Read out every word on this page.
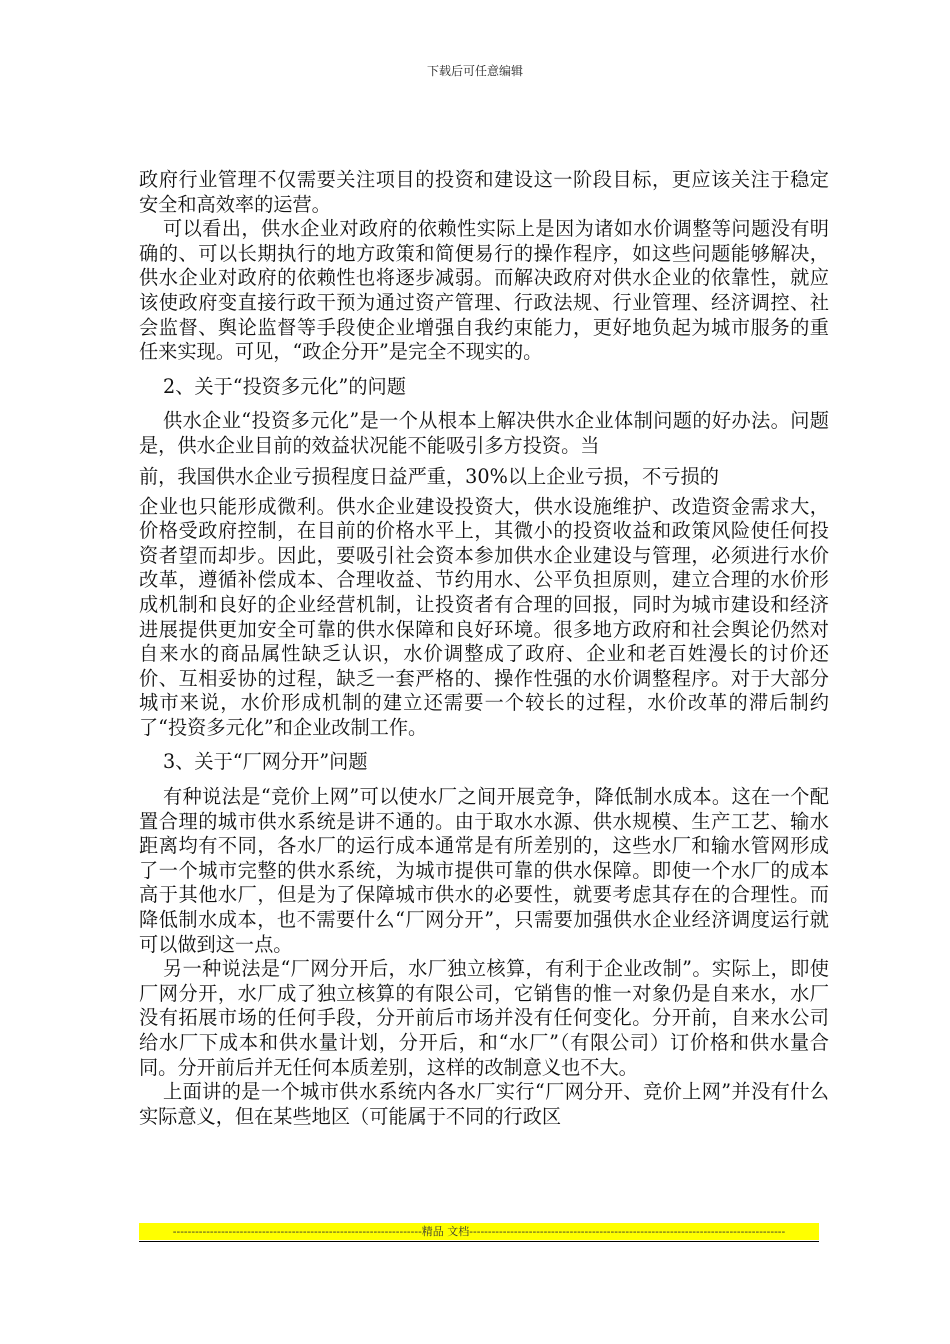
下载后可任意编辑

政府行业管理不仅需要关注项目的投资和建设这一阶段目标，更应该关注于稳定安全和高效率的运营。

可以看出，供水企业对政府的依赖性实际上是因为诸如水价调整等问题没有明确的、可以长期执行的地方政策和简便易行的操作程序，如这些问题能够解决，供水企业对政府的依赖性也将逐步减弱。而解决政府对供水企业的依靠性，就应该使政府变直接行政干预为通过资产管理、行政法规、行业管理、经济调控、社会监督、舆论监督等手段使企业增强自我约束能力，更好地负起为城市服务的重任来实现。可见，“政企分开”是完全不现实的。

2、关于“投资多元化”的问题

供水企业“投资多元化”是一个从根本上解决供水企业体制问题的好办法。问题是，供水企业目前的效益状况能不能吸引多方投资。当

前，我国供水企业亏损程度日益严重，30%以上企业亏损，不亏损的

企业也只能形成微利。供水企业建设投资大，供水设施维护、改造资金需求大，价格受政府控制，在目前的价格水平上，其微小的投资收益和政策风险使任何投资者望而却步。因此，要吸引社会资本参加供水企业建设与管理，必须进行水价改革，遵循补偿成本、合理收益、节约用水、公平负担原则，建立合理的水价形成机制和良好的企业经营机制，让投资者有合理的回报，同时为城市建设和经济进展提供更加安全可靠的供水保障和良好环境。很多地方政府和社会舆论仍然对自来水的商品属性缺乏认识，水价调整成了政府、企业和老百姓漫长的讨价还价、互相妥协的过程，缺乏一套严格的、操作性强的水价调整程序。对于大部分城市来说，水价形成机制的建立还需要一个较长的过程，水价改革的滞后制约了“投资多元化”和企业改制工作。

3、关于“厂网分开”问题

有种说法是“竞价上网”可以使水厂之间开展竞争，降低制水成本。这在一个配置合理的城市供水系统是讲不通的。由于取水水源、供水规模、生产工艺、输水距离均有不同，各水厂的运行成本通常是有所差别的，这些水厂和输水管网形成了一个城市完整的供水系统，为城市提供可靠的供水保障。即使一个水厂的成本高于其他水厂，但是为了保障城市供水的必要性，就要考虑其存在的合理性。而降低制水成本，也不需要什么“厂网分开”，只需要加强供水企业经济调度运行就可以做到这一点。

另一种说法是“厂网分开后，水厂独立核算，有利于企业改制”。实际上，即使厂网分开，水厂成了独立核算的有限公司，它销售的惟一对象仍是自来水，水厂没有拓展市场的任何手段，分开前后市场并没有任何变化。分开前，自来水公司给水厂下成本和供水量计划，分开后，和“水厂”（有限公司）订价格和供水量合同。分开前后并无任何本质差别，这样的改制意义也不大。

上面讲的是一个城市供水系统内各水厂实行“厂网分开、竞价上网”并没有什么实际意义，但在某些地区（可能属于不同的行政区

-------------------------------------------------------------------精品 文档-------------------------------------------------------------------------------------
